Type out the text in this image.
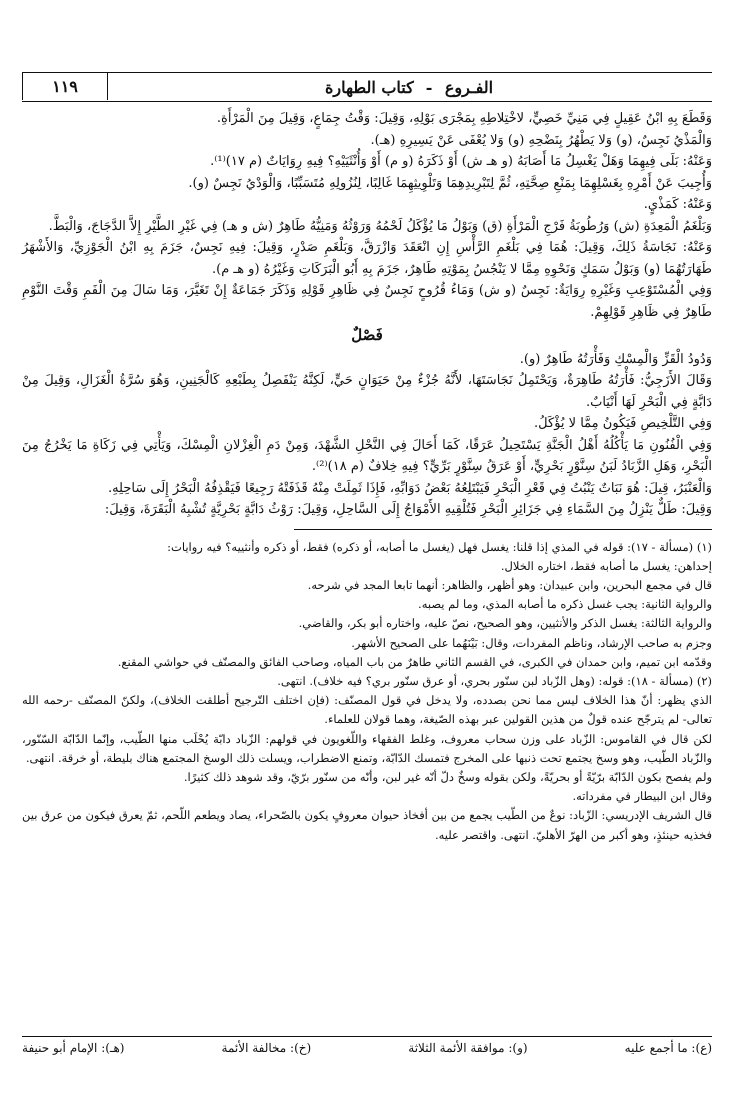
الفـروع
-
كتاب الطهارة
١١٩

وَقَطَعَ بِهِ ابْنُ عَقِيلٍ فِي مَنِيِّ خَصِيٍّ، لاخْتِلاطِهِ بِمَجْرَى بَوْلِهِ، وَقِيلَ: وَقْتُ جِمَاعٍ، وَقِيلَ مِنَ الْمَرْأَةِ.

وَالْمَذْيُ نَجِسٌ، (و) وَلا يَطْهُرُ بِنَضْحِهِ (و) وَلا يُعْفَى عَنْ يَسِيرِهِ (هـ).

وَعَنْهُ: بَلَى فِيهِمَا وَهَلْ يَغْسِلُ مَا أَصَابَهُ (و هـ ش) أَوْ ذَكَرَهُ (و م) أَوْ وَأُنْثَيَيْهِ؟ فِيهِ رِوَايَاتٌ (م ١٧)⁽¹⁾.

وَأُجِيبَ عَنْ أَمْرِهِ بِغَسْلِهِمَا بِمَنْعِ صِحَّتِهِ، ثُمَّ لِتَبْرِيدِهِمَا وَتَلْوِيثِهِمَا غَالِبًا، لِنُزُولِهِ مُتَسَبِّبًا، وَالْوَدْيُ نَجِسٌ (و).

وَعَنْهُ: كَمَذْيٍ.

وَبَلْغَمُ الْمَعِدَةِ (ش) وَرُطُوبَةُ فَرْجِ الْمَرْأَةِ (ق) وَبَوْلُ مَا يُؤْكَلُ لَحْمُهُ وَرَوْثُهُ وَمَنِيُّهُ طَاهِرٌ (ش و هـ) فِي غَيْرِ الطَّيْرِ إِلاَّ الدَّجَاجَ، وَالْبَطَّ.

وَعَنْهُ: نَجَاسَةُ ذَلِكَ، وَقِيلَ: هُمَا فِي بَلْغَمِ الرَّأْسِ إِنِ انْعَقَدَ وَازْرَقَّ، وَبَلْغَمِ صَدْرٍ، وَقِيلَ: فِيهِ نَجِسٌ، جَزَمَ بِهِ ابْنُ الْجَوْزِيِّ، وَالأَشْهَرُ طَهَارَتُهُمَا (و) وَبَوْلُ سَمَكٍ وَنَحْوِهِ مِمَّا لا يَنْجُسُ بِمَوْتِهِ طَاهِرٌ، جَزَمَ بِهِ أَبُو الْبَرَكَاتِ وَغَيْرُهُ (و هـ م).

وَفِي الْمُسْتَوْعِبِ وَغَيْرِهِ رِوَايَةٌ: نَجِسٌ (و ش) وَمَاءُ قُرُوحٍ نَجِسٌ فِي ظَاهِرِ قَوْلِهِ وَذَكَرَ جَمَاعَةٌ إِنْ تَغَيَّرَ، وَمَا سَالَ مِنَ الْفَمِ وَقْتَ النَّوْمِ طَاهِرٌ فِي ظَاهِرِ قَوْلِهِمْ.

فَصْلٌ

وَدُودُ الْقَزِّ وَالْمِسْكِ وَفَأْرَتُهُ طَاهِرٌ (و).

وَقَالَ الأَزَجِيُّ: فَأْرَتُهُ طَاهِرَةٌ، وَيَحْتَمِلُ نَجَاسَتَهَا، لأَنَّهُ جُزْءٌ مِنْ حَيَوَانٍ حَيٍّ، لَكِنَّهُ يَنْفَصِلُ بِطَبْعِهِ كَالْجَنِينِ، وَهُوَ سُرَّةُ الْغَزَالِ، وَقِيلَ مِنْ دَابَّةٍ فِي الْبَحْرِ لَهَا أَنْيَابٌ.

وَفِي التَّلْخِيصِ فَيَكُونُ مِمَّا لا يُؤْكَلُ.

وَفِي الْفُنُونِ مَا يَأْكُلُهُ أَهْلُ الْجَنَّةِ يَسْتَحِيلُ عَرَقًا، كَمَا أَحَالَ فِي النَّحْلِ الشَّهْدَ، وَمِنْ دَمِ الْغِزْلانِ الْمِسْكَ، وَيَأْتِي فِي زَكَاةِ مَا يَخْرُجُ مِنَ الْبَحْرِ، وَهَلِ الزَّبَادُ لَبَنُ سِنَّوْرٍ بَحْرِيٍّ، أَوْ عَرَقُ سِنَّوْرٍ بَرِّيٍّ؟ فِيهِ خِلافٌ (م ١٨)⁽²⁾.

وَالْعَنْبَرُ، قِيلَ: هُوَ نَبَاتٌ يَنْبُتُ فِي قَعْرِ الْبَحْرِ فَيَبْتَلِعُهُ بَعْضُ دَوَابِّهِ، فَإِذَا ثَمِلَتْ مِنْهُ قَذَفَتْهُ رَجِيعًا فَيَقْذِفُهُ الْبَحْرُ إِلَى سَاحِلِهِ.

وَقِيلَ: طَلٌّ يَنْزِلُ مِنَ السَّمَاءِ فِي جَزَائِرِ الْبَحْرِ فَتُلْقِيهِ الأَمْوَاجُ إِلَى السَّاحِلِ، وَقِيلَ: رَوْثُ دَابَّةٍ بَحْرِيَّةٍ تُشْبِهُ الْبَقَرَةَ، وَقِيلَ:

(١) (مسألة - ١٧): قوله في المذي إذا قلنا: يغسل فهل (يغسل ما أصابه، أو ذكره) فقط، أو ذكره وأنثييه؟ فيه روايات:

إحداهن: يغسل ما أصابه فقط، اختاره الخلال.

قال في مجمع البحرين، وابن عبيدان: وهو أظهر، والظاهر: أنهما تابعا المجد في شرحه.

والرواية الثانية: يجب غسل ذكره ما أصابه المذي، وما لم يصبه.

والرواية الثالثة: يغسل الذكر والأنثيين، وهو الصحيح، نصّ عليه، واختاره أبو بكر، والقاضي.

وجزم به صاحب الإرشاد، وناظم المفردات، وقال: بَيْنَهُما على الصحيح الأشهر.

وقدّمه ابن تميم، وابن حمدان في الكبرى، في القسم الثاني طاهرٌ من باب المياه، وصاحب الفائق والمصنّف في حواشي المقنع.

(٢) (مسألة - ١٨): قوله: (وهل الزّباد لبن سنّور بحري، أو عرق سنّور بري؟ فيه خلاف). انتهى.

الذي يظهر: أنّ هذا الخلاف ليس مما نحن بصدده، ولا يدخل في قول المصنّف: (فإن اختلف التّرجيح أطلقت الخلاف)، ولكنّ المصنّف -رحمه الله تعالى- لم يترجّح عنده قولٌ من هذين القولين عبر بهذه الصّيغة، وهما قولان للعلماء.

لكن قال في القاموس: الزّباد على وزن سحاب معروف، وغلط الفقهاء واللّغويون في قولهم: الزّباد دابّة يُحْلَب منها الطّيب، وإنّما الدّابّة السّنّور، والزّباد الطّيب، وهو وسخ يجتمع تحت ذنبها على المخرج فتمسك الدّابّة، وتمنع الاضطراب، ويسلت ذلك الوسخ المجتمع هناك بليطة، أو خرقة. انتهى.

ولم يفصح بكون الدّابّة برّيّةً أو بحريّةً، ولكن بقوله وسخٌ دلّ أنّه غير لبن، وأنّه من سنّور برّيّ، وقد شوهد ذلك كثيرًا.

وقال ابن البيطار في مفرداته.

قال الشريف الإدريسي: الزّباد: نوعٌ من الطّيب يجمع من بين أفخاذ حيوان معروفٍ يكون بالصّحراء، يصاد ويطعم اللّحم، ثمّ يعرق فيكون من عرق بين فخذيه حينئذٍ، وهو أكبر من الهرّ الأهليّ. انتهى. واقتصر عليه.

(ع): ما أجمع عليه
(و): موافقة الأئمة الثلاثة
(خ): مخالفة الأئمة
(هـ): الإمام أبو حنيفة
